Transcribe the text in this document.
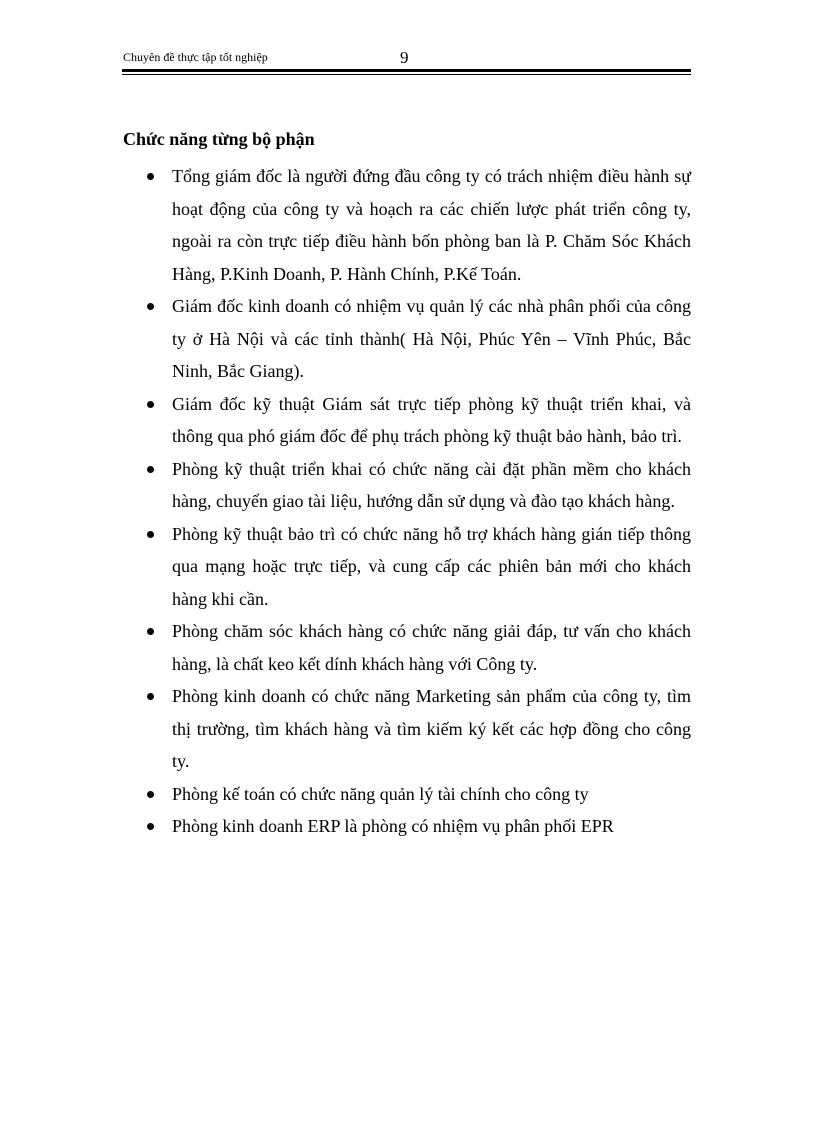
Chuyên đề thực tập tốt nghiệp	9
Chức năng từng bộ phận
Tổng giám đốc là người đứng đầu công ty có trách nhiệm điều hành sự hoạt động của công ty và hoạch ra các chiến lược phát triển công ty, ngoài ra còn trực tiếp điều hành bốn phòng ban là P. Chăm Sóc Khách Hàng, P.Kinh Doanh, P. Hành Chính, P.Kế Toán.
Giám đốc kinh doanh có nhiệm vụ quản lý các nhà phân phối của công ty ở Hà Nội và các tỉnh thành( Hà Nội, Phúc Yên – Vĩnh Phúc, Bắc Ninh, Bắc Giang).
Giám đốc kỹ thuật Giám sát trực tiếp phòng kỹ thuật triển khai, và thông qua phó giám đốc để phụ trách phòng kỹ thuật bảo hành, bảo trì.
Phòng kỹ thuật triển khai có chức năng cài đặt phần mềm cho khách hàng, chuyển giao tài liệu, hướng dẫn sử dụng và đào tạo khách hàng.
Phòng kỹ thuật bảo trì có chức năng hỗ trợ khách hàng gián tiếp thông qua mạng hoặc trực tiếp, và cung cấp các phiên bản mới cho khách hàng khi cần.
Phòng chăm sóc khách hàng có chức năng giải đáp, tư vấn cho khách hàng, là chất keo kết dính khách hàng với Công ty.
Phòng kinh doanh có chức năng Marketing sản phẩm của công ty, tìm thị trường, tìm khách hàng và tìm kiếm ký kết các hợp đồng cho công ty.
Phòng kế toán có chức năng quản lý tài chính cho công ty
Phòng kinh doanh ERP là phòng có nhiệm vụ phân phối EPR
